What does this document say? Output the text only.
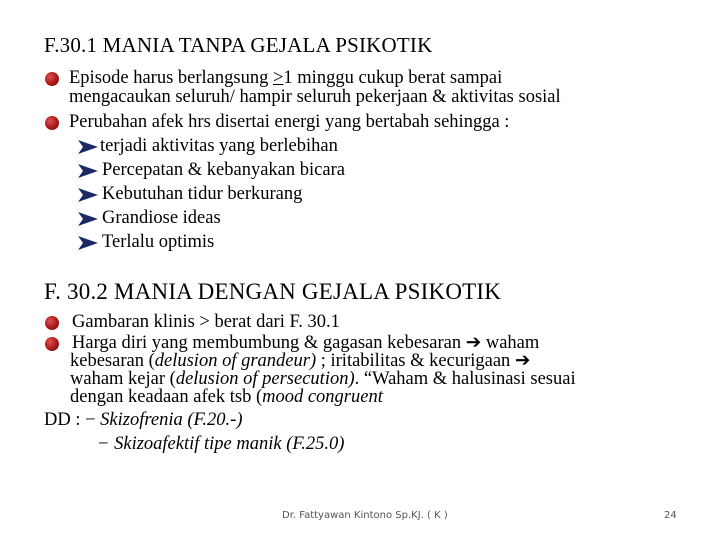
F.30.1 MANIA TANPA GEJALA PSIKOTIK
Episode harus berlangsung ≥1 minggu cukup berat sampai
mengacaukan seluruh/ hampir seluruh pekerjaan & aktivitas sosial
Perubahan afek hrs disertai energi yang bertabah sehingga :
terjadi aktivitas yang berlebihan
Percepatan & kebanyakan bicara
Kebutuhan tidur berkurang
Grandiose ideas
Terlalu optimis
F. 30.2 MANIA DENGAN GEJALA PSIKOTIK
Gambaran klinis > berat dari F. 30.1
Harga diri yang membumbung & gagasan kebesaran ➔ waham
kebesaran (delusion of grandeur) ; iritabilitas & kecurigaan ➔
waham kejar (delusion of persecution). “Waham & halusinasi sesuai
dengan keadaan afek tsb (mood congruent
DD : − Skizofrenia (F.20.-)
− Skizoafektif tipe manik (F.25.0)
Dr. Fattyawan Kintono Sp.KJ. ( K )	24
